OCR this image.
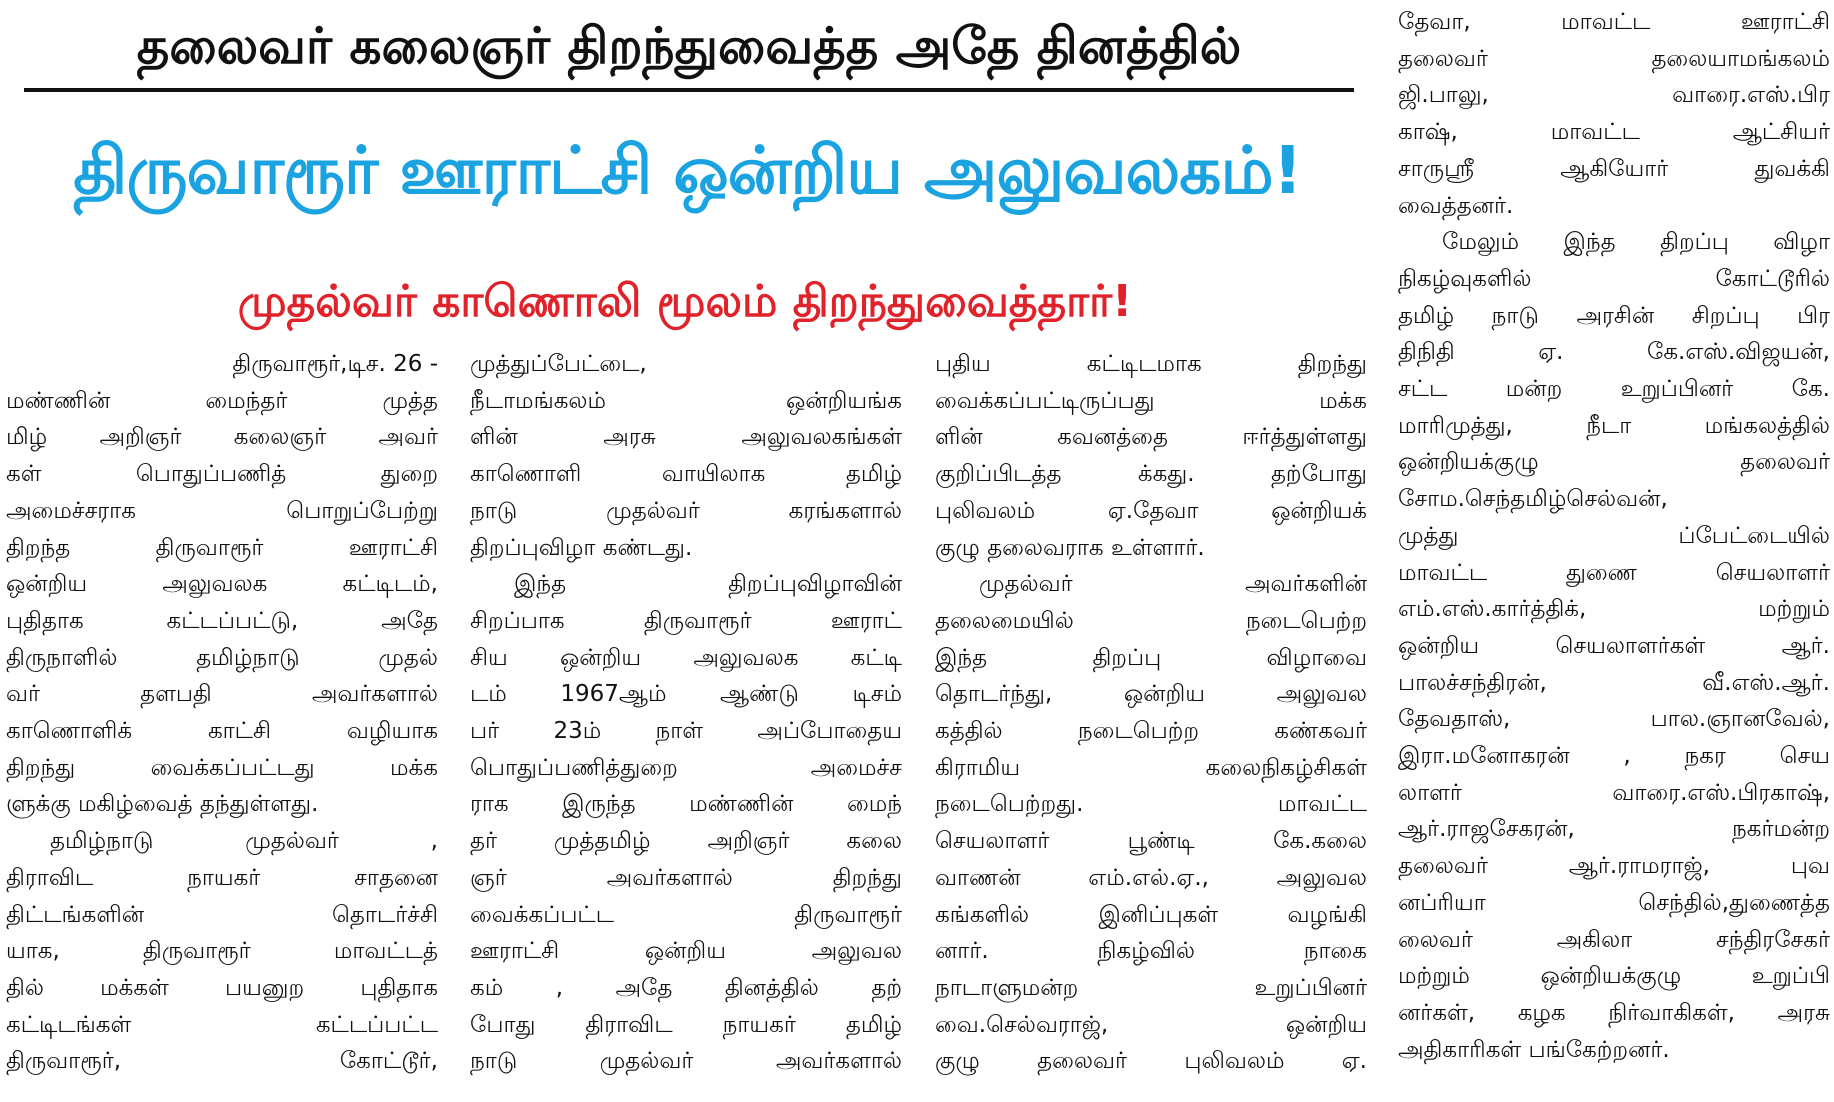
தலைவர் கலைஞர் திறந்துவைத்த அதே தினத்தில்
திருவாரூர் ஊராட்சி ஒன்றிய அலுவலகம்!
முதல்வர் காணொலி மூலம் திறந்துவைத்தார்!
திருவாரூர்,டிச. 26 -
மண்ணின் மைந்தர் முத்த
மிழ் அறிஞர் கலைஞர் அவர்
கள் பொதுப்பணித் துறை
அமைச்சராக பொறுப்பேற்று
திறந்த திருவாரூர் ஊராட்சி
ஒன்றிய அலுவலக கட்டிடம்,
புதிதாக கட்டப்பட்டு, அதே
திருநாளில் தமிழ்நாடு முதல்
வர் தளபதி அவர்களால்
காணொளிக் காட்சி வழியாக
திறந்து வைக்கப்பட்டது மக்க
ளுக்கு மகிழ்வைத் தந்துள்ளது.
தமிழ்நாடு முதல்வர் ,
திராவிட நாயகர் சாதனை
திட்டங்களின் தொடர்ச்சி
யாக, திருவாரூர் மாவட்டத்
தில் மக்கள் பயனுற புதிதாக
கட்டிடங்கள் கட்டப்பட்ட
திருவாரூர், கோட்டூர்,
முத்துப்பேட்டை,
நீடாமங்கலம் ஒன்றியங்க
ளின் அரசு அலுவலகங்கள்
காணொளி வாயிலாக தமிழ்
நாடு முதல்வர் கரங்களால்
திறப்புவிழா கண்டது.
இந்த திறப்புவிழாவின்
சிறப்பாக திருவாரூர் ஊராட்
சிய ஒன்றிய அலுவலக கட்டி
டம் 1967ஆம் ஆண்டு டிசம்
பர் 23ம் நாள் அப்போதைய
பொதுப்பணித்துறை அமைச்ச
ராக இருந்த மண்ணின் மைந்
தர் முத்தமிழ் அறிஞர் கலை
ஞர் அவர்களால் திறந்து
வைக்கப்பட்ட திருவாரூர்
ஊராட்சி ஒன்றிய அலுவல
கம் , அதே தினத்தில் தற்
போது திராவிட நாயகர் தமிழ்
நாடு முதல்வர் அவர்களால்
புதிய கட்டிடமாக திறந்து
வைக்கப்பட்டிருப்பது மக்க
ளின் கவனத்தை ஈர்த்துள்ளது
குறிப்பிடத்த க்கது. தற்போது
புலிவலம் ஏ.தேவா ஒன்றியக்
குழு தலைவராக உள்ளார்.
முதல்வர் அவர்களின்
தலைமையில் நடைபெற்ற
இந்த திறப்பு விழாவை
தொடர்ந்து, ஒன்றிய அலுவல
கத்தில் நடைபெற்ற கண்கவர்
கிராமிய கலைநிகழ்சிகள்
நடைபெற்றது. மாவட்ட
செயலாளர் பூண்டி கே.கலை
வாணன் எம்.எல்.ஏ., அலுவல
கங்களில் இனிப்புகள் வழங்கி
னார். நிகழ்வில் நாகை
நாடாளுமன்ற உறுப்பினர்
வை.செல்வராஜ், ஒன்றிய
குழு தலைவர் புலிவலம் ஏ.
தேவா, மாவட்ட ஊராட்சி
தலைவர் தலையாமங்கலம்
ஜி.பாலு, வாரை.எஸ்.பிர
காஷ், மாவட்ட ஆட்சியர்
சாருஸ்ரீ ஆகியோர் துவக்கி
வைத்தனர்.
மேலும் இந்த திறப்பு விழா
நிகழ்வுகளில் கோட்டூரில்
தமிழ் நாடு அரசின் சிறப்பு பிர
திநிதி ஏ. கே.எஸ்.விஜயன்,
சட்ட மன்ற உறுப்பினர் கே.
மாரிமுத்து, நீடா மங்கலத்தில்
ஒன்றியக்குழு தலைவர்
சோம.செந்தமிழ்செல்வன்,
முத்து ப்பேட்டையில்
மாவட்ட துணை செயலாளர்
எம்.எஸ்.கார்த்திக், மற்றும்
ஒன்றிய செயலாளர்கள் ஆர்.
பாலச்சந்திரன், வீ.எஸ்.ஆர்.
தேவதாஸ், பால.ஞானவேல்,
இரா.மனோகரன் , நகர செய
லாளர் வாரை.எஸ்.பிரகாஷ்,
ஆர்.ராஜசேகரன், நகர்மன்ற
தலைவர் ஆர்.ராமராஜ், புவ
னப்ரியா செந்தில்,துணைத்த
லைவர் அகிலா சந்திரசேகர்
மற்றும் ஒன்றியக்குழு உறுப்பி
னர்கள், கழக நிர்வாகிகள், அரசு
அதிகாரிகள் பங்கேற்றனர்.
